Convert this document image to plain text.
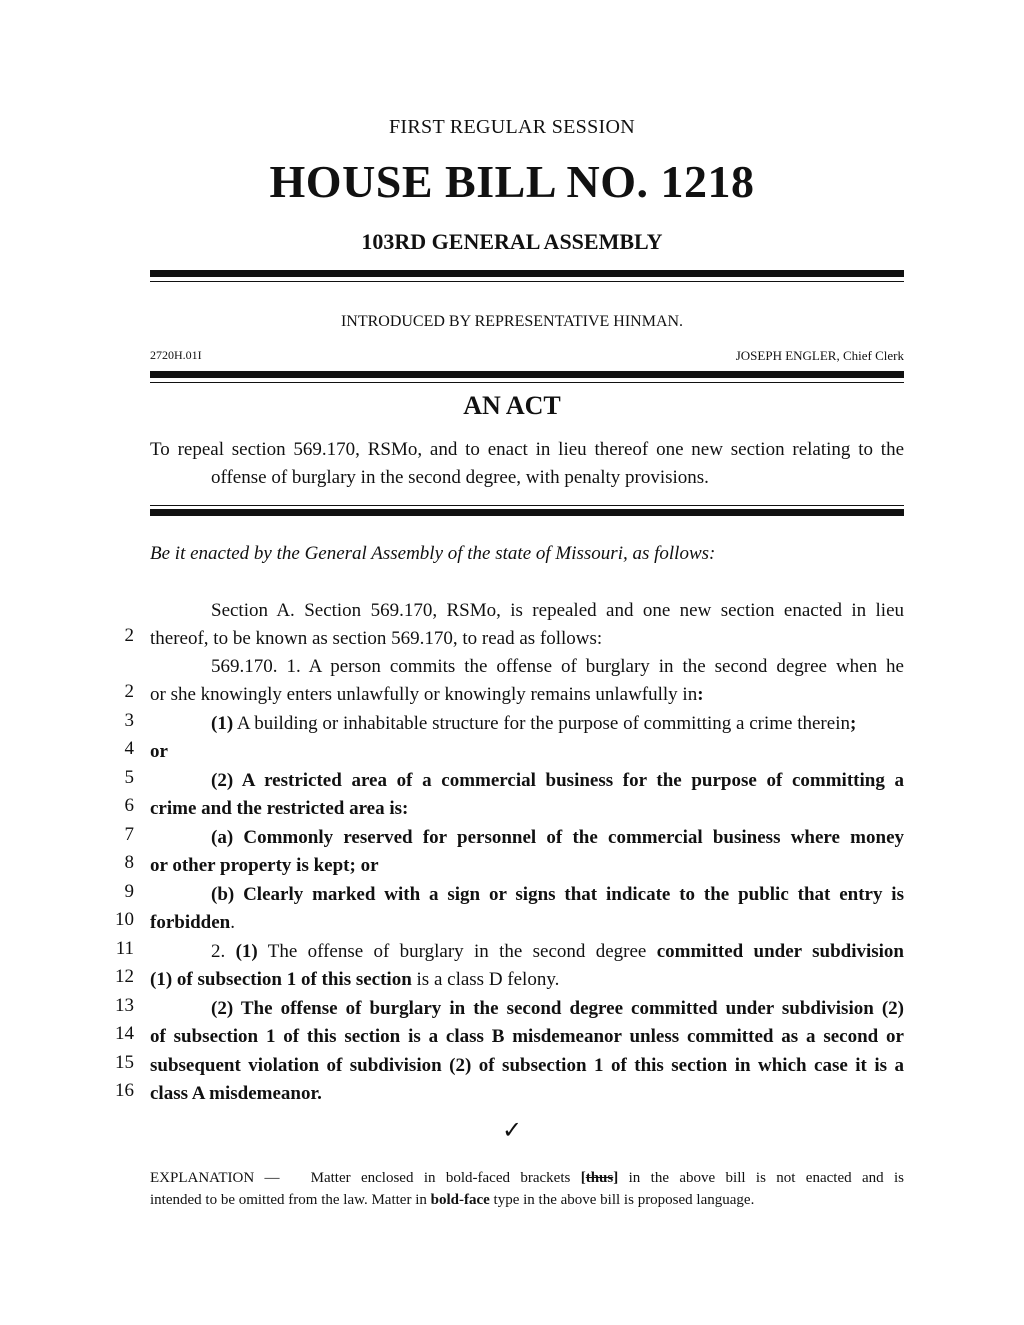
FIRST REGULAR SESSION
HOUSE BILL NO. 1218
103RD GENERAL ASSEMBLY
INTRODUCED BY REPRESENTATIVE HINMAN.
2720H.01I	JOSEPH ENGLER, Chief Clerk
AN ACT
To repeal section 569.170, RSMo, and to enact in lieu thereof one new section relating to the
offense of burglary in the second degree, with penalty provisions.
Be it enacted by the General Assembly of the state of Missouri, as follows:
Section A. Section 569.170, RSMo, is repealed and one new section enacted in lieu
2 thereof, to be known as section 569.170, to read as follows:
569.170. 1. A person commits the offense of burglary in the second degree when he
2 or she knowingly enters unlawfully or knowingly remains unlawfully in:
3	(1) A building or inhabitable structure for the purpose of committing a crime therein;
4 or
5	(2) A restricted area of a commercial business for the purpose of committing a
6 crime and the restricted area is:
7	(a) Commonly reserved for personnel of the commercial business where money
8 or other property is kept; or
9	(b) Clearly marked with a sign or signs that indicate to the public that entry is
10 forbidden.
11	2. (1) The offense of burglary in the second degree committed under subdivision
12 (1) of subsection 1 of this section is a class D felony.
13	(2) The offense of burglary in the second degree committed under subdivision (2)
14 of subsection 1 of this section is a class B misdemeanor unless committed as a second or
15 subsequent violation of subdivision (2) of subsection 1 of this section in which case it is a
16 class A misdemeanor.
✓
EXPLANATION — Matter enclosed in bold-faced brackets [thus] in the above bill is not enacted and is
intended to be omitted from the law. Matter in bold-face type in the above bill is proposed language.
